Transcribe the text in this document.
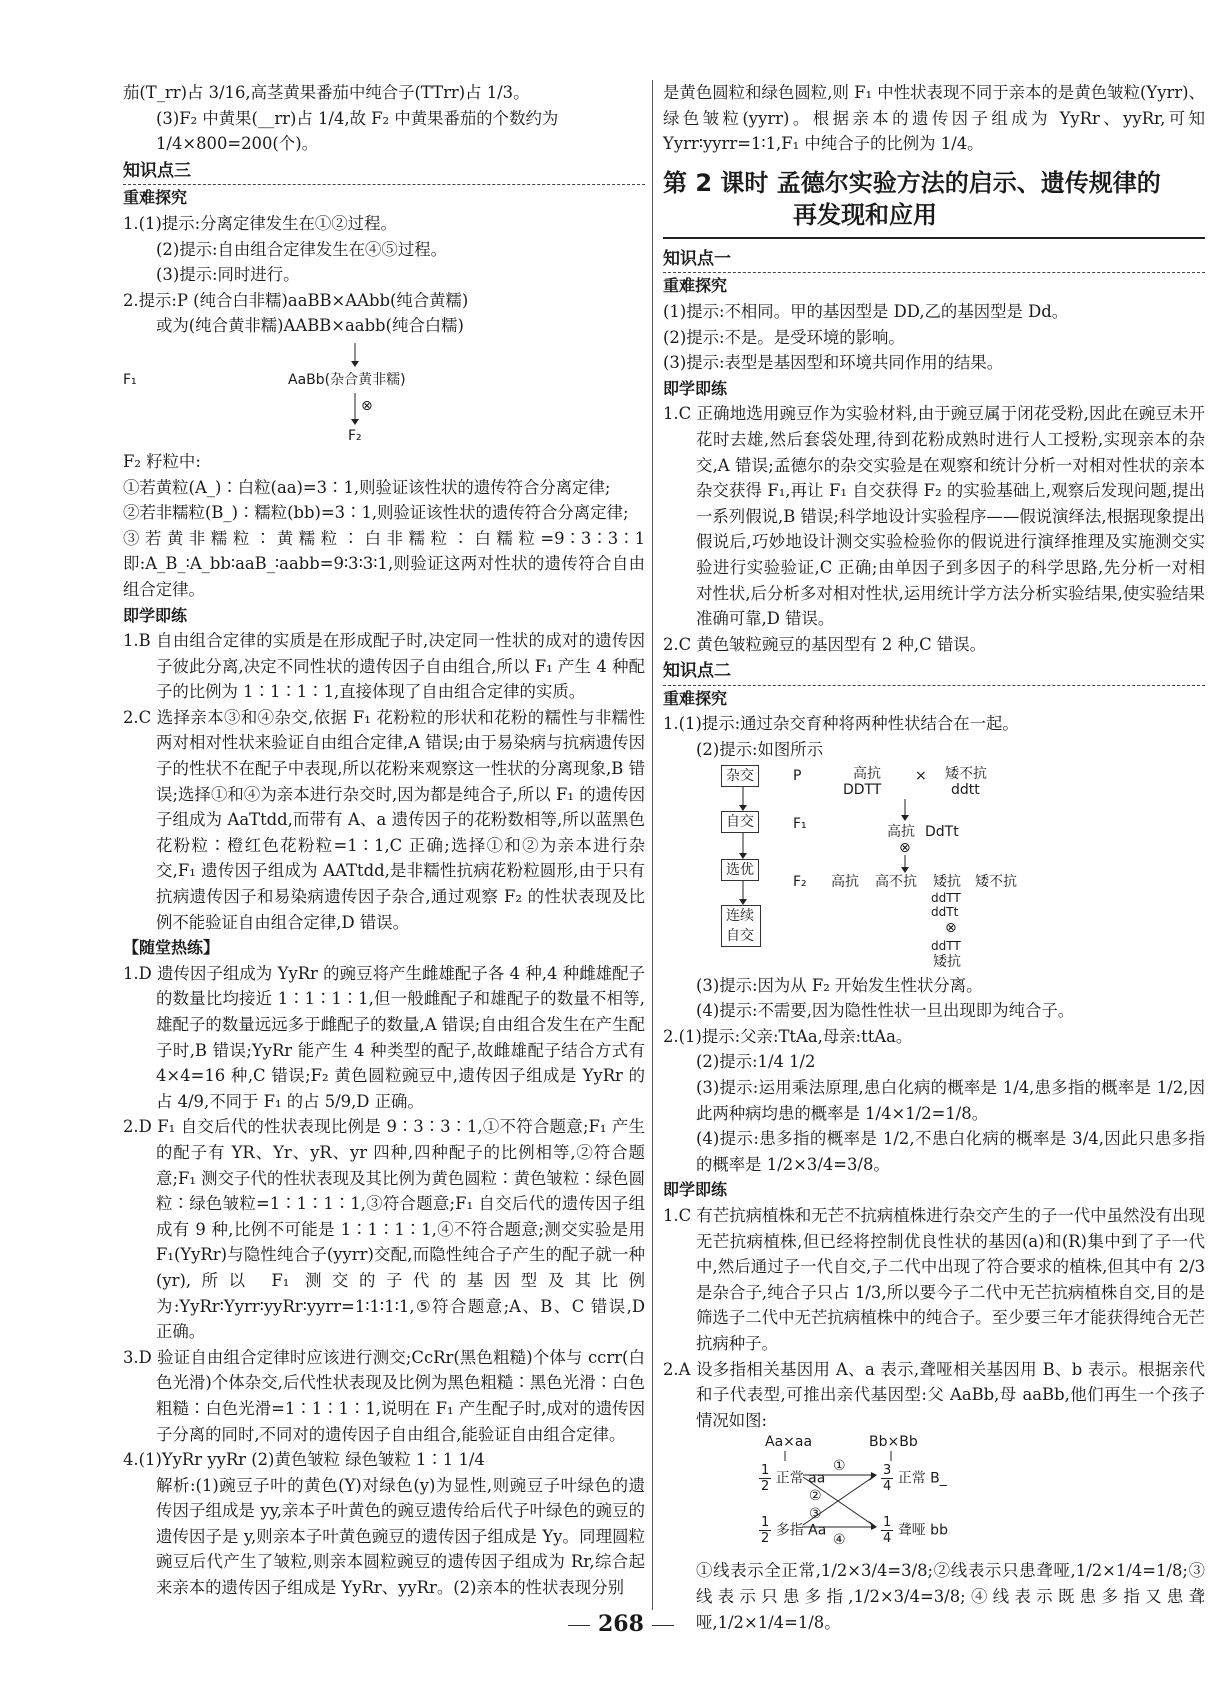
茄(T_rr)占 3/16,高茎黄果番茄中纯合子(TTrr)占 1/3。

(3)F₂ 中黄果(__rr)占 1/4,故 F₂ 中黄果番茄的个数约为

1/4×800=200(个)。

知识点三

重难探究

1.(1)提示:分离定律发生在①②过程。

(2)提示:自由组合定律发生在④⑤过程。

(3)提示:同时进行。

2.提示:P (纯合白非糯)aaBB×AAbb(纯合黄糯)

或为(纯合黄非糯)AABB×aabb(纯合白糯)

F₁	AaBb(杂合黄非糯)
⊗
F₂

F₂ 籽粒中:

①若黄粒(A_)∶白粒(aa)=3∶1,则验证该性状的遗传符合分离定律;

②若非糯粒(B_)∶糯粒(bb)=3∶1,则验证该性状的遗传符合分离定律;

③若黄非糯粒∶黄糯粒∶白非糯粒∶白糯粒=9∶3∶3∶1 即:A_B_∶A_bb∶aaB_∶aabb=9∶3∶3∶1,则验证这两对性状的遗传符合自由组合定律。

即学即练

1.B 自由组合定律的实质是在形成配子时,决定同一性状的成对的遗传因子彼此分离,决定不同性状的遗传因子自由组合,所以 F₁ 产生 4 种配子的比例为 1∶1∶1∶1,直接体现了自由组合定律的实质。

2.C 选择亲本③和④杂交,依据 F₁ 花粉粒的形状和花粉的糯性与非糯性两对相对性状来验证自由组合定律,A 错误;由于易染病与抗病遗传因子的性状不在配子中表现,所以花粉来观察这一性状的分离现象,B 错误;选择①和④为亲本进行杂交时,因为都是纯合子,所以 F₁ 的遗传因子组成为 AaTtdd,而带有 A、a 遗传因子的花粉数相等,所以蓝黑色花粉粒∶橙红色花粉粒=1∶1,C 正确;选择①和②为亲本进行杂交,F₁ 遗传因子组成为 AATtdd,是非糯性抗病花粉粒圆形,由于只有抗病遗传因子和易染病遗传因子杂合,通过观察 F₂ 的性状表现及比例不能验证自由组合定律,D 错误。

【随堂热练】

1.D 遗传因子组成为 YyRr 的豌豆将产生雌雄配子各 4 种,4 种雌雄配子的数量比均接近 1∶1∶1∶1,但一般雌配子和雄配子的数量不相等,雄配子的数量远远多于雌配子的数量,A 错误;自由组合发生在产生配子时,B 错误;YyRr 能产生 4 种类型的配子,故雌雄配子结合方式有 4×4=16 种,C 错误;F₂ 黄色圆粒豌豆中,遗传因子组成是 YyRr 的占 4/9,不同于 F₁ 的占 5/9,D 正确。

2.D F₁ 自交后代的性状表现比例是 9∶3∶3∶1,①不符合题意;F₁ 产生的配子有 YR、Yr、yR、yr 四种,四种配子的比例相等,②符合题意;F₁ 测交子代的性状表现及其比例为黄色圆粒∶黄色皱粒∶绿色圆粒∶绿色皱粒=1∶1∶1∶1,③符合题意;F₁ 自交后代的遗传因子组成有 9 种,比例不可能是 1∶1∶1∶1,④不符合题意;测交实验是用 F₁(YyRr)与隐性纯合子(yyrr)交配,而隐性纯合子产生的配子就一种(yr),所以 F₁ 测交的子代的基因型及其比例为:YyRr∶Yyrr∶yyRr∶yyrr=1∶1∶1∶1,⑤符合题意;A、B、C 错误,D 正确。

3.D 验证自由组合定律时应该进行测交;CcRr(黑色粗糙)个体与 ccrr(白色光滑)个体杂交,后代性状表现及比例为黑色粗糙∶黑色光滑∶白色粗糙∶白色光滑=1∶1∶1∶1,说明在 F₁ 产生配子时,成对的遗传因子分离的同时,不同对的遗传因子自由组合,能验证自由组合定律。

4.(1)YyRr yyRr (2)黄色皱粒 绿色皱粒 1∶1 1/4

解析:(1)豌豆子叶的黄色(Y)对绿色(y)为显性,则豌豆子叶绿色的遗传因子组成是 yy,亲本子叶黄色的豌豆遗传给后代子叶绿色的豌豆的遗传因子是 y,则亲本子叶黄色豌豆的遗传因子组成是 Yy。同理圆粒豌豆后代产生了皱粒,则亲本圆粒豌豆的遗传因子组成为 Rr,综合起来亲本的遗传因子组成是 YyRr、yyRr。(2)亲本的性状表现分别

是黄色圆粒和绿色圆粒,则 F₁ 中性状表现不同于亲本的是黄色皱粒(Yyrr)、绿色皱粒(yyrr)。根据亲本的遗传因子组成为 YyRr、yyRr,可知 Yyrr∶yyrr=1∶1,F₁ 中纯合子的比例为 1/4。

第 2 课时 孟德尔实验方法的启示、遗传规律的
再发现和应用

知识点一

重难探究

(1)提示:不相同。甲的基因型是 DD,乙的基因型是 Dd。

(2)提示:不是。是受环境的影响。

(3)提示:表型是基因型和环境共同作用的结果。

即学即练

1.C 正确地选用豌豆作为实验材料,由于豌豆属于闭花受粉,因此在豌豆未开花时去雄,然后套袋处理,待到花粉成熟时进行人工授粉,实现亲本的杂交,A 错误;孟德尔的杂交实验是在观察和统计分析一对相对性状的亲本杂交获得 F₁,再让 F₁ 自交获得 F₂ 的实验基础上,观察后发现问题,提出一系列假说,B 错误;科学地设计实验程序——假说演绎法,根据现象提出假说后,巧妙地设计测交实验检验你的假说进行演绎推理及实施测交实验进行实验验证,C 正确;由单因子到多因子的科学思路,先分析一对相对性状,后分析多对相对性状,运用统计学方法分析实验结果,使实验结果准确可靠,D 错误。

2.C 黄色皱粒豌豆的基因型有 2 种,C 错误。

知识点二

重难探究

1.(1)提示:通过杂交育种将两种性状结合在一起。

(2)提示:如图所示

杂交
自交
选优
连续自交
P	高抗
DDTT
× 矮不抗
ddtt
F₁	高抗 DdTt
⊗
F₂ 高抗 高不抗 矮抗 矮不抗
ddTT
ddTt
⊗
ddTT
矮抗

(3)提示:因为从 F₂ 开始发生性状分离。

(4)提示:不需要,因为隐性性状一旦出现即为纯合子。

2.(1)提示:父亲:TtAa,母亲:ttAa。

(2)提示:1/4 1/2

(3)提示:运用乘法原理,患白化病的概率是 1/4,患多指的概率是 1/2,因此两种病均患的概率是 1/4×1/2=1/8。

(4)提示:患多指的概率是 1/2,不患白化病的概率是 3/4,因此只患多指的概率是 1/2×3/4=3/8。

即学即练

1.C 有芒抗病植株和无芒不抗病植株进行杂交产生的子一代中虽然没有出现无芒抗病植株,但已经将控制优良性状的基因(a)和(R)集中到了子一代中,然后通过子一代自交,子二代中出现了符合要求的植株,但其中有 2/3 是杂合子,纯合子只占 1/3,所以要今子二代中无芒抗病植株自交,目的是筛选子二代中无芒抗病植株中的纯合子。至少要三年才能获得纯合无芒抗病种子。

2.A 设多指相关基因用 A、a 表示,聋哑相关基因用 B、b 表示。根据亲代和子代表型,可推出亲代基因型:父 AaBb,母 aaBb,他们再生一个孩子情况如图:

Aa×aa	Bb×Bb
$\frac{1}{2}$ 正常 aa
$\frac{1}{2}$ 多指 Aa
$\frac{3}{4}$ 正常 B_
$\frac{1}{4}$ 聋哑 bb
①
②
③
④

①线表示全正常,1/2×3/4=3/8;②线表示只患聋哑,1/2×1/4=1/8;③线表示只患多指,1/2×3/4=3/8;④线表示既患多指又患聋哑,1/2×1/4=1/8。

268
